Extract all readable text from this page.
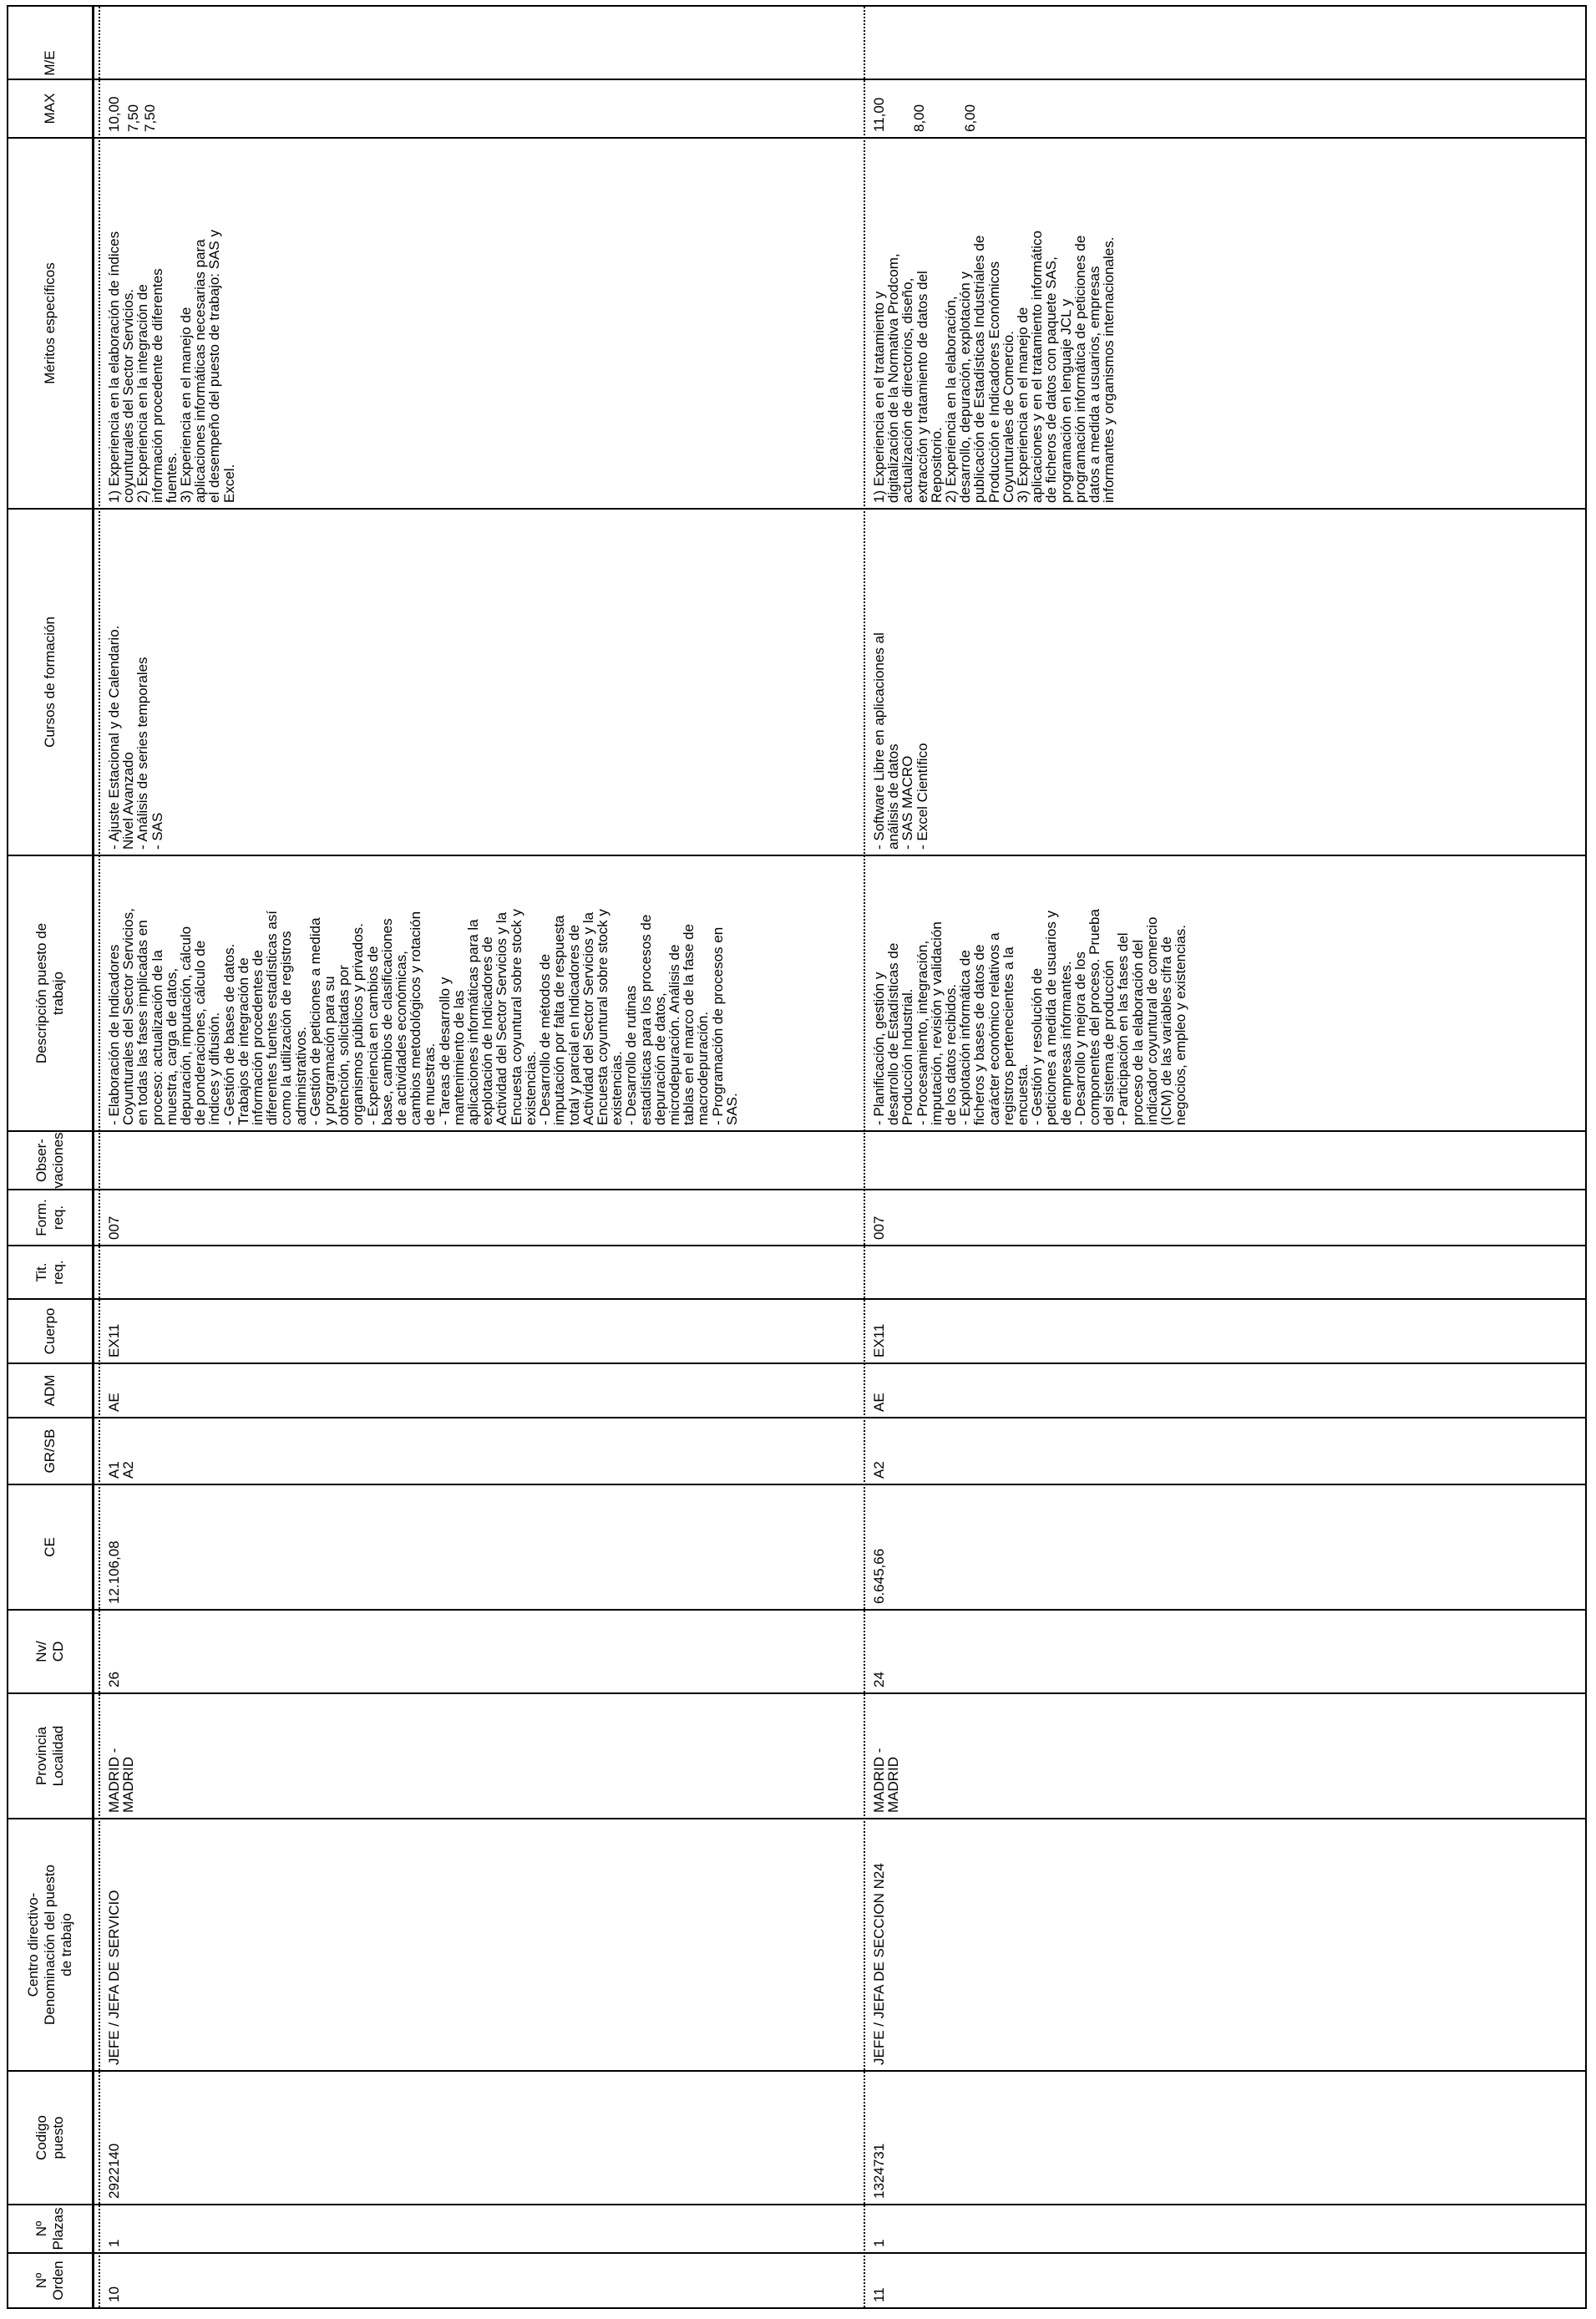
Nº
Orden
Nº
Plazas
Codigo
puesto
Centro directivo-
Denominación del puesto
de trabajo
Provincia
Localidad
Nv/
CD
CE
GR/SB
ADM
Cuerpo
Tit.
req.
Form.
req.
Obser-
vaciones
Descripción puesto de
trabajo
Cursos de formación
Méritos específicos
MAX
M/E
10
1
2922140
JEFE / JEFA DE SERVICIO
MADRID -
MADRID
26
12.106,08
A1
A2
AE
EX11
007
- Elaboración de Indicadores
Coyunturales del Sector Servicios,
en todas las fases implicadas en
proceso: actualización de la
muestra, carga de datos,
depuración, imputación, cálculo
de ponderaciones, cálculo de
índices y difusión.
- Gestión de bases de datos.
Trabajos de integración de
información procedentes de
diferentes fuentes estadísticas así
como la utilización de registros
administrativos.
- Gestión de peticiones a medida
y programación para su
obtención, solicitadas por
organismos públicos y privados.
- Experiencia en cambios de
base, cambios de clasificaciones
de actividades económicas,
cambios metodológicos y rotación
de muestras.
- Tareas de desarrollo y
mantenimiento de las
aplicaciones informáticas para la
explotación de Indicadores de
Actividad del Sector Servicios y la
Encuesta coyuntural sobre stock y
existencias.
- Desarrollo de métodos de
imputación por falta de respuesta
total y parcial en Indicadores de
Actividad del Sector Servicios y la
Encuesta coyuntural sobre stock y
existencias.
- Desarrollo de rutinas
estadísticas para los procesos de
depuración de datos,
microdepuración. Análisis de
tablas en el marco de la fase de
macrodepuración.
- Programación de procesos en
SAS.
- Ajuste Estacional y de Calendario.
Nivel Avanzado
- Análisis de series temporales
- SAS
1) Experiencia en la elaboración de índices
coyunturales del Sector Servicios.
2) Experiencia en la integración de
información procedente de diferentes
fuentes.
3) Experiencia en el manejo de
aplicaciones informáticas necesarias para
el desempeño del puesto de trabajo: SAS y
Excel.
10,00 7,50 7,50
11
1
1324731
JEFE / JEFA DE SECCION N24
MADRID -
MADRID
24
6.645,66
A2
AE
EX11
007
- Planificación, gestión y
desarrollo de Estadísticas de
Producción Industrial.
- Procesamiento, integración,
imputación, revisión y validación
de los datos recibidos.
- Explotación informática de
ficheros y bases de datos de
carácter económico relativos a
registros pertenecientes a la
encuesta.
- Gestión y resolución de
peticiones a medida de usuarios y
de empresas informantes.
- Desarrollo y mejora de los
componentes del proceso. Prueba
del sistema de producción
- Participación en las fases del
proceso de la elaboración del
indicador coyuntural de comercio
(ICM) de las variables cifra de
negocios, empleo y existencias.
- Software Libre en aplicaciones al
análisis de datos
- SAS MACRO
- Excel Científico
1) Experiencia en el tratamiento y
digitalización de la Normativa Prodcom,
actualización de directorios, diseño,
extracción y tratamiento de datos del
Repositorio.
2) Experiencia en la elaboración,
desarrollo, depuración, explotación y
publicación de Estadísticas Industriales de
Producción e Indicadores Económicos
Coyunturales de Comercio.
3) Experiencia en el manejo de
aplicaciones y en el tratamiento informático
de ficheros de datos con paquete SAS,
programación en lenguaje JCL y
programación informática de peticiones de
datos a medida a usuarios, empresas
informantes y organismos internacionales.
11,00 8,00 6,00
